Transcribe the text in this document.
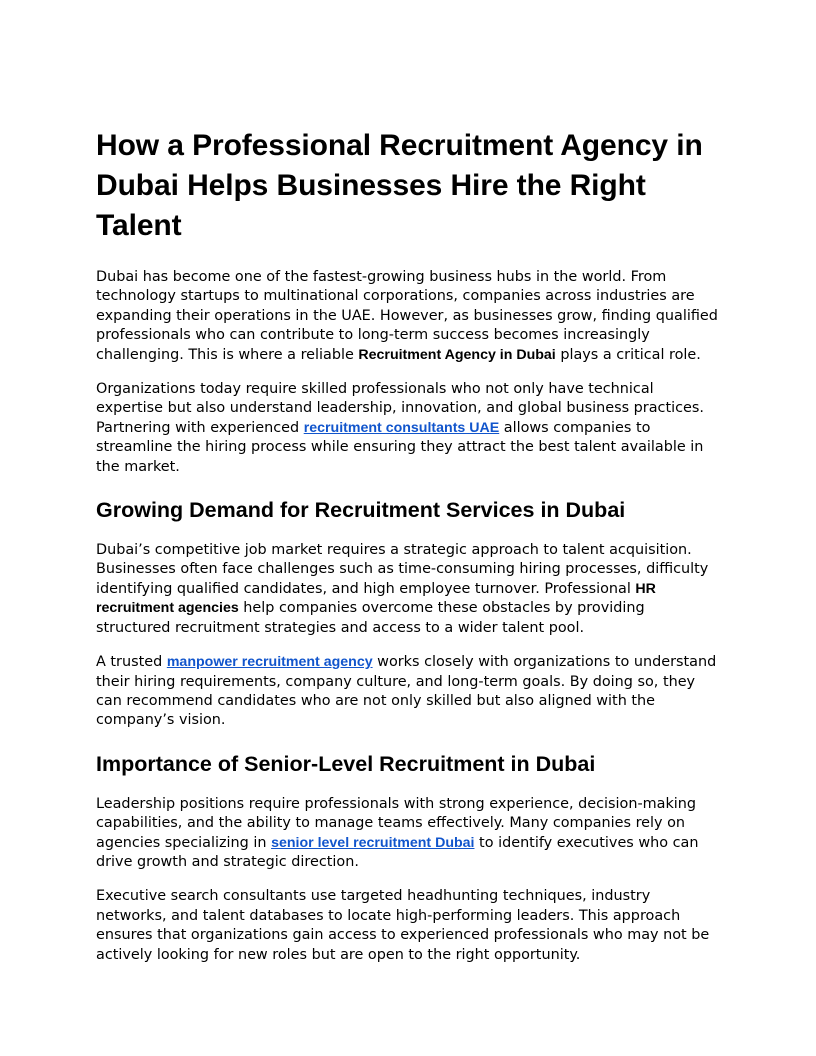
How a Professional Recruitment Agency in Dubai Helps Businesses Hire the Right Talent

Dubai has become one of the fastest-growing business hubs in the world. From technology startups to multinational corporations, companies across industries are expanding their operations in the UAE. However, as businesses grow, finding qualified professionals who can contribute to long-term success becomes increasingly challenging. This is where a reliable Recruitment Agency in Dubai plays a critical role.

Organizations today require skilled professionals who not only have technical expertise but also understand leadership, innovation, and global business practices. Partnering with experienced recruitment consultants UAE allows companies to streamline the hiring process while ensuring they attract the best talent available in the market.

Growing Demand for Recruitment Services in Dubai

Dubai’s competitive job market requires a strategic approach to talent acquisition. Businesses often face challenges such as time-consuming hiring processes, difficulty identifying qualified candidates, and high employee turnover. Professional HR recruitment agencies help companies overcome these obstacles by providing structured recruitment strategies and access to a wider talent pool.

A trusted manpower recruitment agency works closely with organizations to understand their hiring requirements, company culture, and long-term goals. By doing so, they can recommend candidates who are not only skilled but also aligned with the company’s vision.

Importance of Senior-Level Recruitment in Dubai

Leadership positions require professionals with strong experience, decision-making capabilities, and the ability to manage teams effectively. Many companies rely on agencies specializing in senior level recruitment Dubai to identify executives who can drive growth and strategic direction.

Executive search consultants use targeted headhunting techniques, industry networks, and talent databases to locate high-performing leaders. This approach ensures that organizations gain access to experienced professionals who may not be actively looking for new roles but are open to the right opportunity.
